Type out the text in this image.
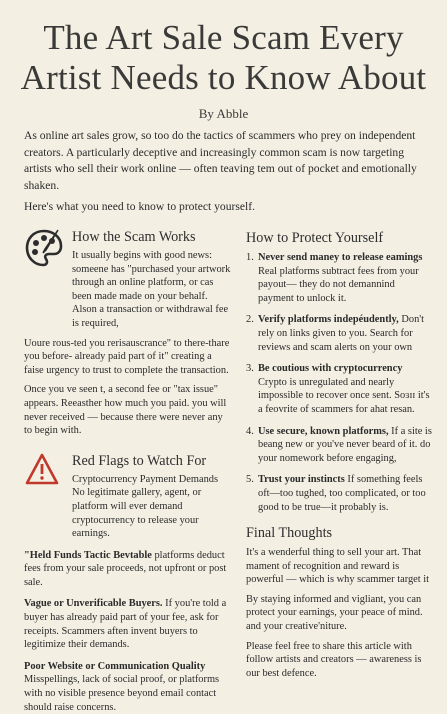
The Art Sale Scam Every Artist Needs to Know About
By Abble

As online art sales grow, so too do the tactics of scammers who prey on independent creators. A particularly deceptive and increasingly common scam is now targeting artists who sell their work online — often teaving tem out of pocket and emotionally shaken.

Here's what you need to know to protect yourself.

How the Scam Works

It usually begins with good news: someene has "purchased your artwork through an online platform, or cas been made made on your behalf. Alson a transaction or withdrawal fee is required,

Uoure rous-ted you rerisauscrance" to there-thare you before- already paid part of it" creating a faise urgency to trust to complete the transaction.

Once you ve seen t, a second fee or "tax issue" appears. Reeasther how much you paid. you will never received — because there were never any to begin with.

Red Flags to Watch For
Cryptocurrency Payment Demands No legitimate gallery, agent, or platform will ever demand cryptocurrency to release your earnings.
"Held Funds Tactic Bevtable platforms deduct fees from your sale proceeds, not upfront or post sale.
Vague or Unverificable Buyers. If you're told a buyer has already paid part of your fee, ask for receipts. Scammers aften invent buyers to legitimize their demands.
Poor Website or Communication Quality
Misspellings, lack of social proof, or platforms with no visible presence beyond email contact should raise concerns.
How to Protect Yourself
1. Never send maney to release eamings Real platforms subtract fees from your payout— they do not demannind payment to unlock it.
2. Verify platforms indepéudently, Don't rely on links given to you. Search for reviews and scam alerts on your own
3. Be coutious with cryptocurrency Crypto is unregulated and nearly impossible to recover once sent. Soɜɪɪ it's a feovrite of scammers for ahat resan.
4. Use secure, known platforms, If a site is beang new or you've never beard of it. do your nomework before engaging,
5. Trust your instincts If something feels oft—too tughed, too complicated, or too good to be true—it probably is.
Final Thoughts

It's a wenderful thing to sell your art. That mament of recognition and reward is powerful — which is why scammer target it

By staying informed and vigliant, you can protect your earnings, your peace of mind. and your creative'niture.

Please feel free to share this article with follow artists and creators — awareness is our best defence.
